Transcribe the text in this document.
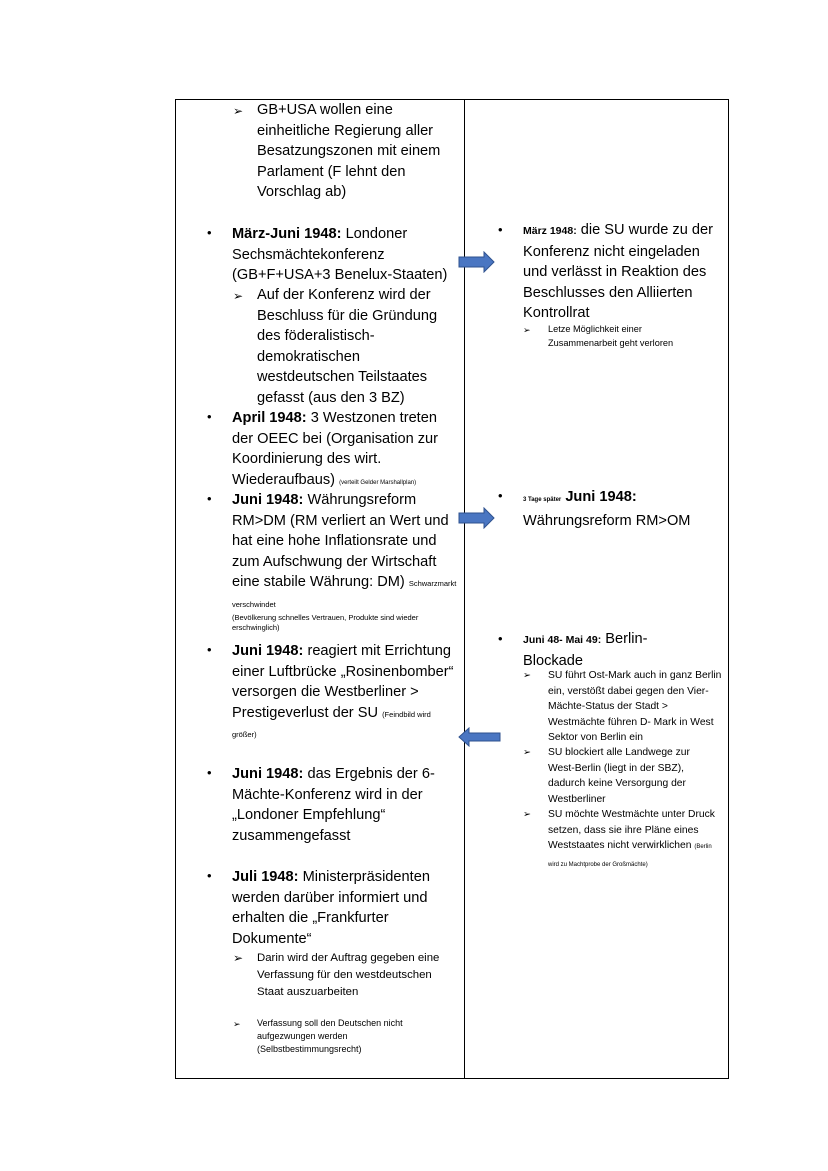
➢ GB+USA wollen eine einheitliche Regierung aller Besatzungszonen mit einem Parlament (F lehnt den Vorschlag ab)
• März-Juni 1948: Londoner Sechsmächtekonferenz (GB+F+USA+3 Benelux-Staaten)
➢ Auf der Konferenz wird der Beschluss für die Gründung des föderalistisch-demokratischen westdeutschen Teilstaates gefasst (aus den 3 BZ)
• April 1948: 3 Westzonen treten der OEEC bei (Organisation zur Koordinierung des wirt. Wiederaufbaus) (verteilt Gelder Marshallplan)
• Juni 1948: Währungsreform RM>DM (RM verliert an Wert und hat eine hohe Inflationsrate und zum Aufschwung der Wirtschaft eine stabile Währung: DM) Schwarzmarkt verschwindet
(Bevölkerung schnelles Vertrauen, Produkte sind wieder erschwinglich)
• Juni 1948: reagiert mit Errichtung einer Luftbrücke „Rosinenbomber“ versorgen die Westberliner > Prestigeverlust der SU (Feindbild wird größer)
• Juni 1948: das Ergebnis der 6-Mächte-Konferenz wird in der „Londoner Empfehlung“ zusammengefasst
• Juli 1948: Ministerpräsidenten werden darüber informiert und erhalten die „Frankfurter Dokumente“
➢ Darin wird der Auftrag gegeben eine Verfassung für den westdeutschen Staat auszuarbeiten
➢ Verfassung soll den Deutschen nicht aufgezwungen werden (Selbstbestimmungsrecht)
• März 1948: die SU wurde zu der Konferenz nicht eingeladen und verlässt in Reaktion des Beschlusses den Alliierten Kontrollrat
➢ Letze Möglichkeit einer Zusammenarbeit geht verloren
•	3 Tage später Juni 1948: Währungsreform RM>OM
• Juni 48- Mai 49: Berlin-Blockade
➢ SU führt Ost-Mark auch in ganz Berlin ein, verstößt dabei gegen den Vier-Mächte-Status der Stadt > Westmächte führen D- Mark in West Sektor von Berlin ein
➢ SU blockiert alle Landwege zur West-Berlin (liegt in der SBZ), dadurch keine Versorgung der Westberliner
➢ SU möchte Westmächte unter Druck setzen, dass sie ihre Pläne eines Weststaates nicht verwirklichen (Berlin wird zu Machtprobe der Großmächte)
